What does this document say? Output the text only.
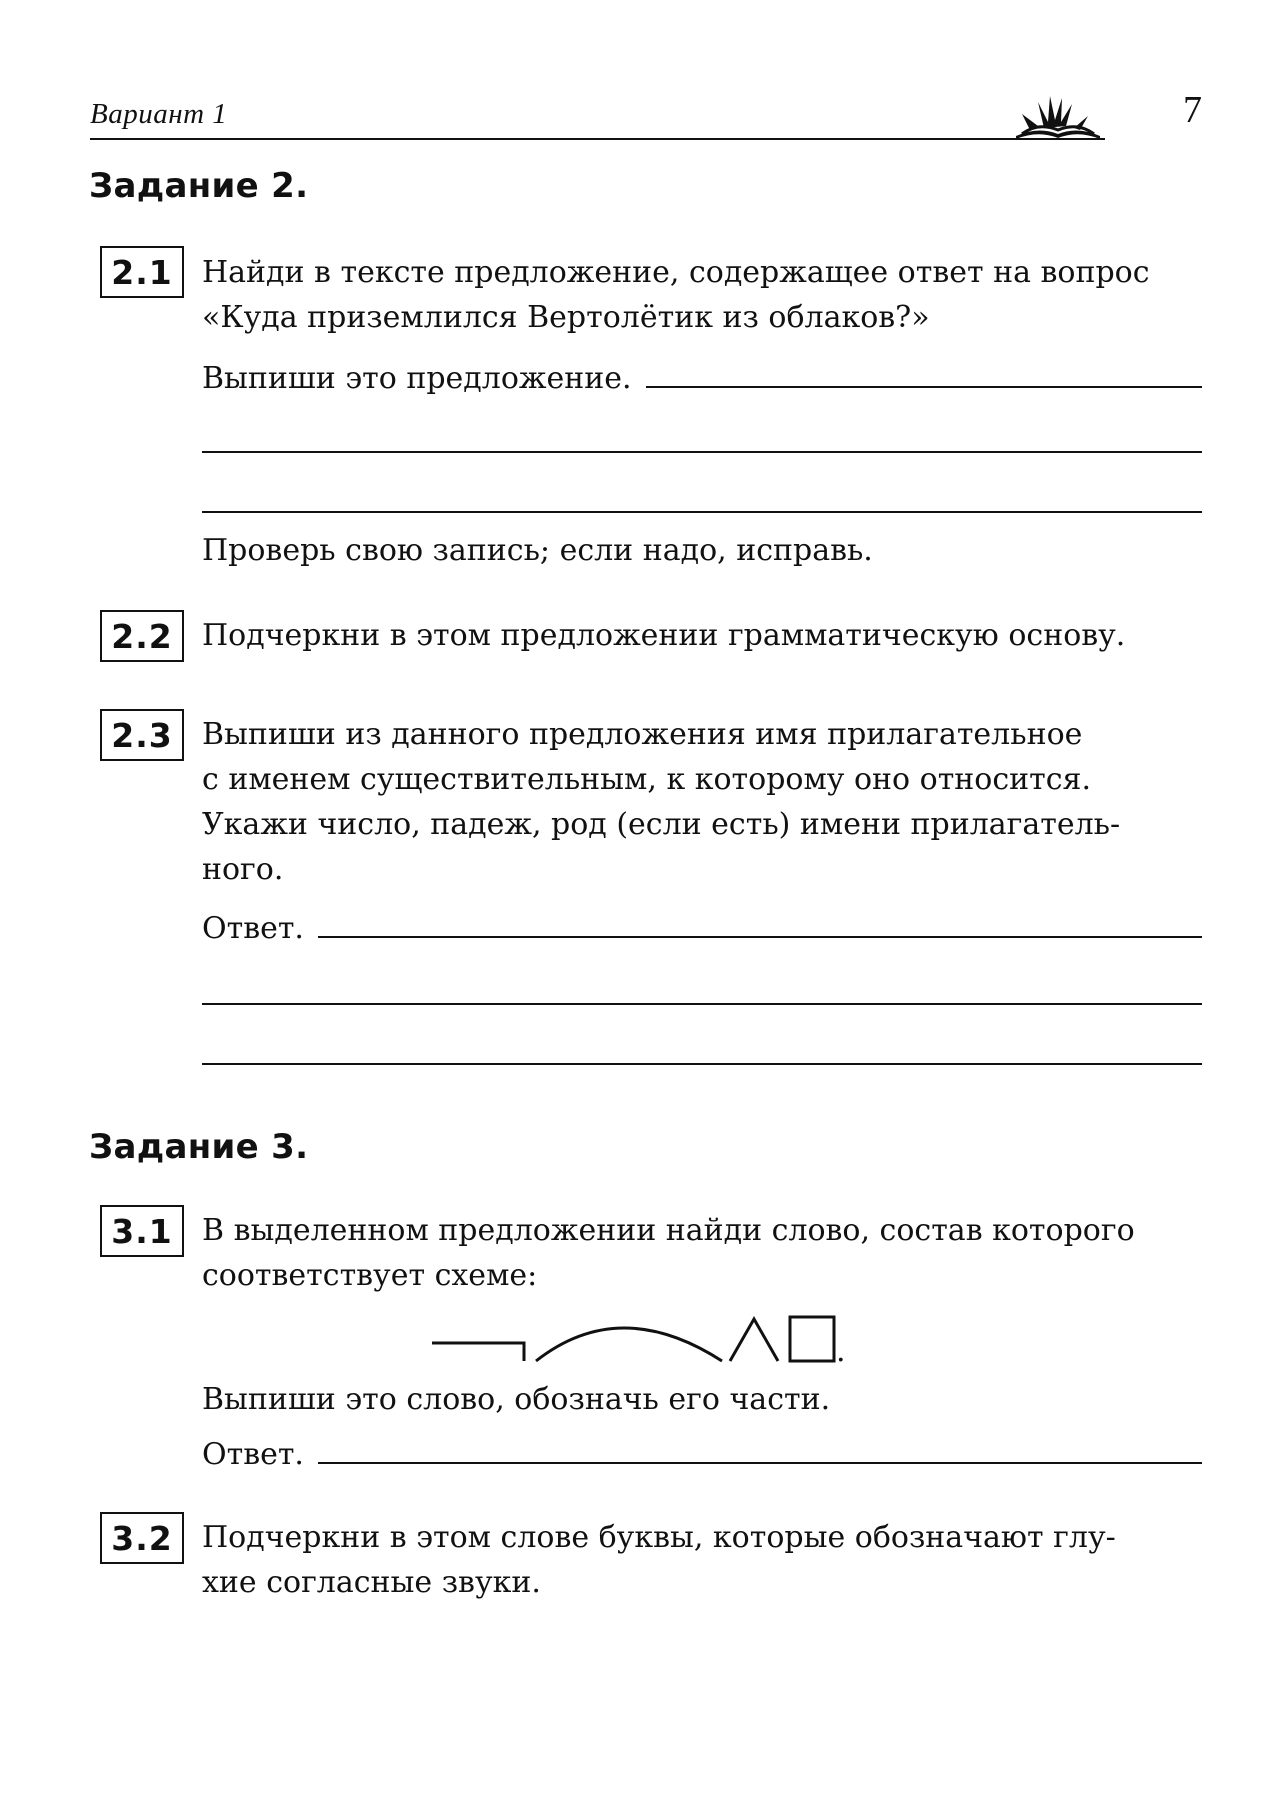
Вариант 1	7
Задание 2.
2.1 Найди в тексте предложение, содержащее ответ на вопрос
«Куда приземлился Вертолётик из облаков?»
Выпиши это предложение.
Проверь свою запись; если надо, исправь.
2.2 Подчеркни в этом предложении грамматическую основу.
2.3 Выпиши из данного предложения имя прилагательное
с именем существительным, к которому оно относится.
Укажи число, падеж, род (если есть) имени прилагатель-
ного.
Ответ.
Задание 3.
3.1 В выделенном предложении найди слово, состав которого
соответствует схеме:
.
Выпиши это слово, обозначь его части.
Ответ.
3.2 Подчеркни в этом слове буквы, которые обозначают глу-
хие согласные звуки.
